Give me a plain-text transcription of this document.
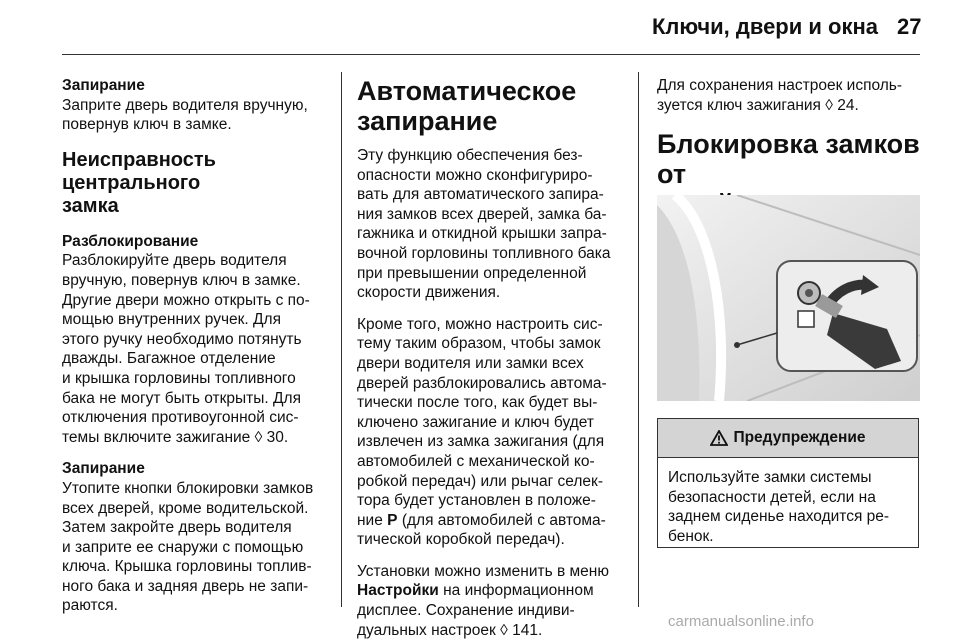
Ключи, двери и окна 27

Запирание

Заприте дверь водителя вручную,

повернув ключ в замке.

Неисправность центрального
замка

Разблокирование

Разблокируйте дверь водителя

вручную, повернув ключ в замке.

Другие двери можно открыть с по-

мощью внутренних ручек. Для

этого ручку необходимо потянуть

дважды. Багажное отделение

и крышка горловины топливного

бака не могут быть открыты. Для

отключения противоугонной сис-

темы включите зажигание ◊ 30.

Запирание

Утопите кнопки блокировки замков

всех дверей, кроме водительской.

Затем закройте дверь водителя

и заприте ее снаружи с помощью

ключа. Крышка горловины топлив-

ного бака и задняя дверь не запи-

раются.

Автоматическое
запирание

Эту функцию обеспечения без-

опасности можно сконфигуриро-

вать для автоматического запира-

ния замков всех дверей, замка ба-

гажника и откидной крышки запра-

вочной горловины топливного бака

при превышении определенной

скорости движения.

Кроме того, можно настроить сис-

тему таким образом, чтобы замок

двери водителя или замки всех

дверей разблокировались автома-

тически после того, как будет вы-

ключено зажигание и ключ будет

извлечен из замка зажигания (для

автомобилей с механической ко-

робкой передач) или рычаг селек-

тора будет установлен в положе-

ние P (для автомобилей с автома-

тической коробкой передач).

Установки можно изменить в меню

Настройки на информационном

дисплее. Сохранение индиви-

дуальных настроек ◊ 141.

Для сохранения настроек исполь-

зуется ключ зажигания ◊ 24.

Блокировка замков от

Предупреждение

Используйте замки системы

безопасности детей, если на

заднем сиденье находится ре-

бенок.

carmanualsonline.info
